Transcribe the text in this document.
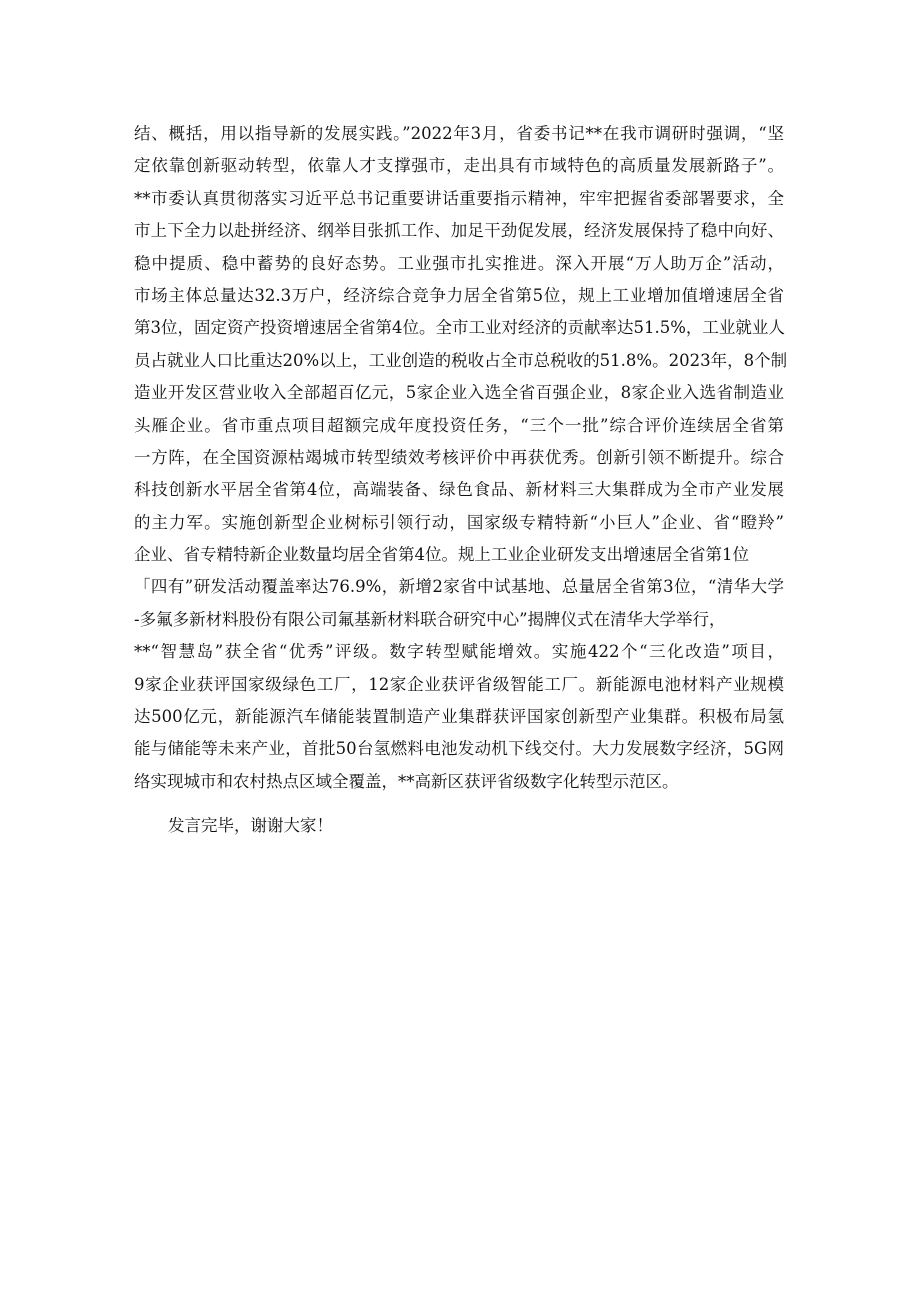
结、概括，用以指导新的发展实践。”2022年3月，省委书记**在我市调研时强调，“坚
定依靠创新驱动转型，依靠人才支撑强市，走出具有市域特色的高质量发展新路子”。
**市委认真贯彻落实习近平总书记重要讲话重要指示精神，牢牢把握省委部署要求，全
市上下全力以赴拼经济、纲举目张抓工作、加足干劲促发展，经济发展保持了稳中向好、
稳中提质、稳中蓄势的良好态势。工业强市扎实推进。深入开展“万人助万企”活动，
市场主体总量达32.3万户，经济综合竞争力居全省第5位，规上工业增加值增速居全省
第3位，固定资产投资增速居全省第4位。全市工业对经济的贡献率达51.5%，工业就业人
员占就业人口比重达20%以上，工业创造的税收占全市总税收的51.8%。2023年，8个制
造业开发区营业收入全部超百亿元，5家企业入选全省百强企业，8家企业入选省制造业
头雁企业。省市重点项目超额完成年度投资任务，“三个一批”综合评价连续居全省第
一方阵，在全国资源枯竭城市转型绩效考核评价中再获优秀。创新引领不断提升。综合
科技创新水平居全省第4位，高端装备、绿色食品、新材料三大集群成为全市产业发展
的主力军。实施创新型企业树标引领行动，国家级专精特新“小巨人”企业、省“瞪羚”
企业、省专精特新企业数量均居全省第4位。规上工业企业研发支出增速居全省第1位
「四有”研发活动覆盖率达76.9%，新增2家省中试基地、总量居全省第3位，“清华大学
-多氟多新材料股份有限公司氟基新材料联合研究中心”揭牌仪式在清华大学举行，
**“智慧岛”获全省“优秀”评级。数字转型赋能增效。实施422个“三化改造”项目，
9家企业获评国家级绿色工厂，12家企业获评省级智能工厂。新能源电池材料产业规模
达500亿元，新能源汽车储能装置制造产业集群获评国家创新型产业集群。积极布局氢
能与储能等未来产业，首批50台氢燃料电池发动机下线交付。大力发展数字经济，5G网
络实现城市和农村热点区域全覆盖，**高新区获评省级数字化转型示范区。
发言完毕，谢谢大家！
